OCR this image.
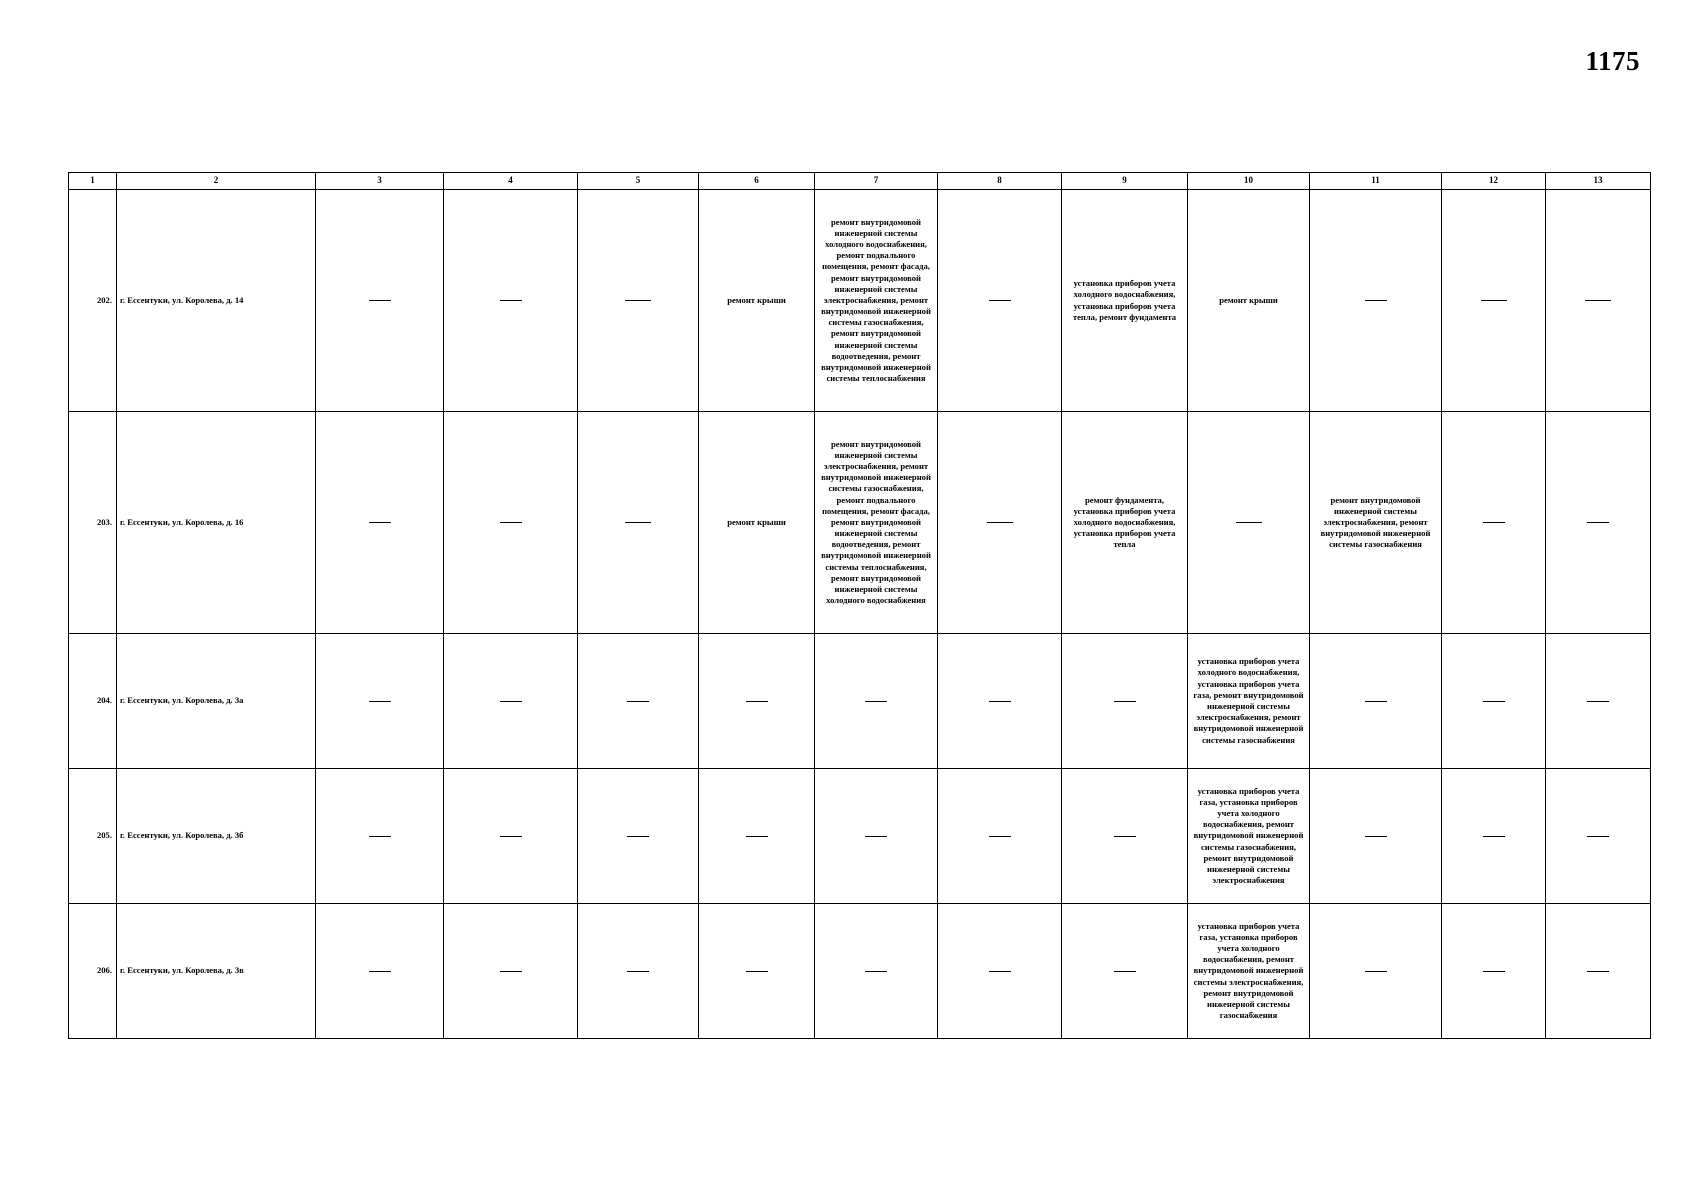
1175
1	2	3	4	5	6	7	8	9	10	11	12	13
202.	г. Ессентуки, ул. Королева, д. 14				ремонт крыши	ремонт внутридомовой инженерной системы холодного водоснабжения, ремонт подвального помещения, ремонт фасада, ремонт внутридомовой инженерной системы электроснабжения, ремонт внутридомовой инженерной системы газоснабжения, ремонт внутридомовой инженерной системы водоотведения, ремонт внутридомовой инженерной системы теплоснабжения		установка приборов учета холодного водоснабжения, установка приборов учета тепла, ремонт фундамента	ремонт крыши			
203.	г. Ессентуки, ул. Королева, д. 16				ремонт крыши	ремонт внутридомовой инженерной системы электроснабжения, ремонт внутридомовой инженерной системы газоснабжения, ремонт подвального помещения, ремонт фасада, ремонт внутридомовой инженерной системы водоотведения, ремонт внутридомовой инженерной системы теплоснабжения, ремонт внутридомовой инженерной системы холодного водоснабжения		ремонт фундамента, установка приборов учета холодного водоснабжения, установка приборов учета тепла		ремонт внутридомовой инженерной системы электроснабжения, ремонт внутридомовой инженерной системы газоснабжения		
204.	г. Ессентуки, ул. Королева, д. 3а								установка приборов учета холодного водоснабжения, установка приборов учета газа, ремонт внутридомовой инженерной системы электроснабжения, ремонт внутридомовой инженерной системы газоснабжения			
205.	г. Ессентуки, ул. Королева, д. 3б								установка приборов учета газа, установка приборов учета холодного водоснабжения, ремонт внутридомовой инженерной системы газоснабжения, ремонт внутридомовой инженерной системы электроснабжения			
206.	г. Ессентуки, ул. Королева, д. 3в								установка приборов учета газа, установка приборов учета холодного водоснабжения, ремонт внутридомовой инженерной системы электроснабжения, ремонт внутридомовой инженерной системы газоснабжения			
